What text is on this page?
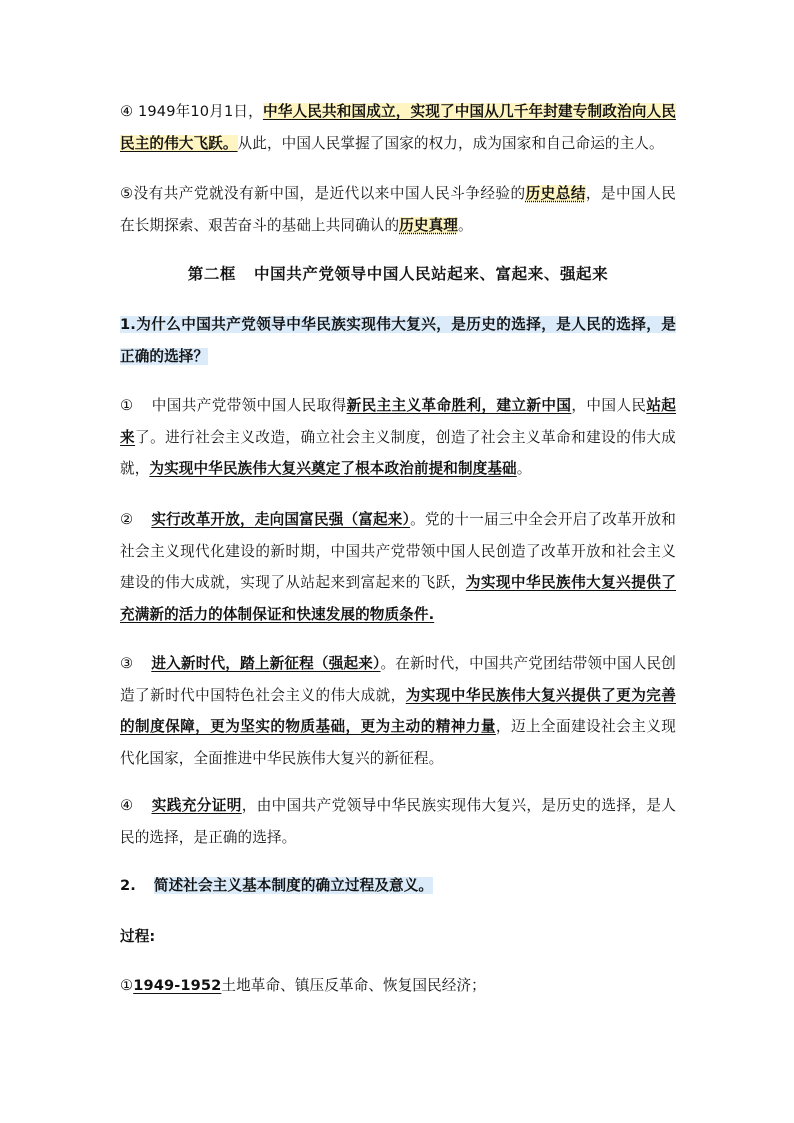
④ 1949年10月1日，中华人民共和国成立，实现了中国从几千年封建专制政治向人民民主的伟大飞跃。从此，中国人民掌握了国家的权力，成为国家和自己命运的主人。

⑤没有共产党就没有新中国，是近代以来中国人民斗争经验的历史总结，是中国人民在长期探索、艰苦奋斗的基础上共同确认的历史真理。

第二框 中国共产党领导中国人民站起来、富起来、强起来

1.为什么中国共产党领导中华民族实现伟大复兴，是历史的选择，是人民的选择，是正确的选择？

① 中国共产党带领中国人民取得新民主主义革命胜利，建立新中国，中国人民站起来了。进行社会主义改造，确立社会主义制度，创造了社会主义革命和建设的伟大成就，为实现中华民族伟大复兴奠定了根本政治前提和制度基础。

② 实行改革开放，走向国富民强（富起来）。党的十一届三中全会开启了改革开放和社会主义现代化建设的新时期，中国共产党带领中国人民创造了改革开放和社会主义建设的伟大成就，实现了从站起来到富起来的飞跃，为实现中华民族伟大复兴提供了充满新的活力的体制保证和快速发展的物质条件.

③ 进入新时代，踏上新征程（强起来）。在新时代，中国共产党团结带领中国人民创造了新时代中国特色社会主义的伟大成就，为实现中华民族伟大复兴提供了更为完善的制度保障，更为坚实的物质基础，更为主动的精神力量，迈上全面建设社会主义现代化国家，全面推进中华民族伟大复兴的新征程。

④ 实践充分证明，由中国共产党领导中华民族实现伟大复兴，是历史的选择，是人民的选择，是正确的选择。

2. 简述社会主义基本制度的确立过程及意义。

过程:

①1949-1952土地革命、镇压反革命、恢复国民经济；
